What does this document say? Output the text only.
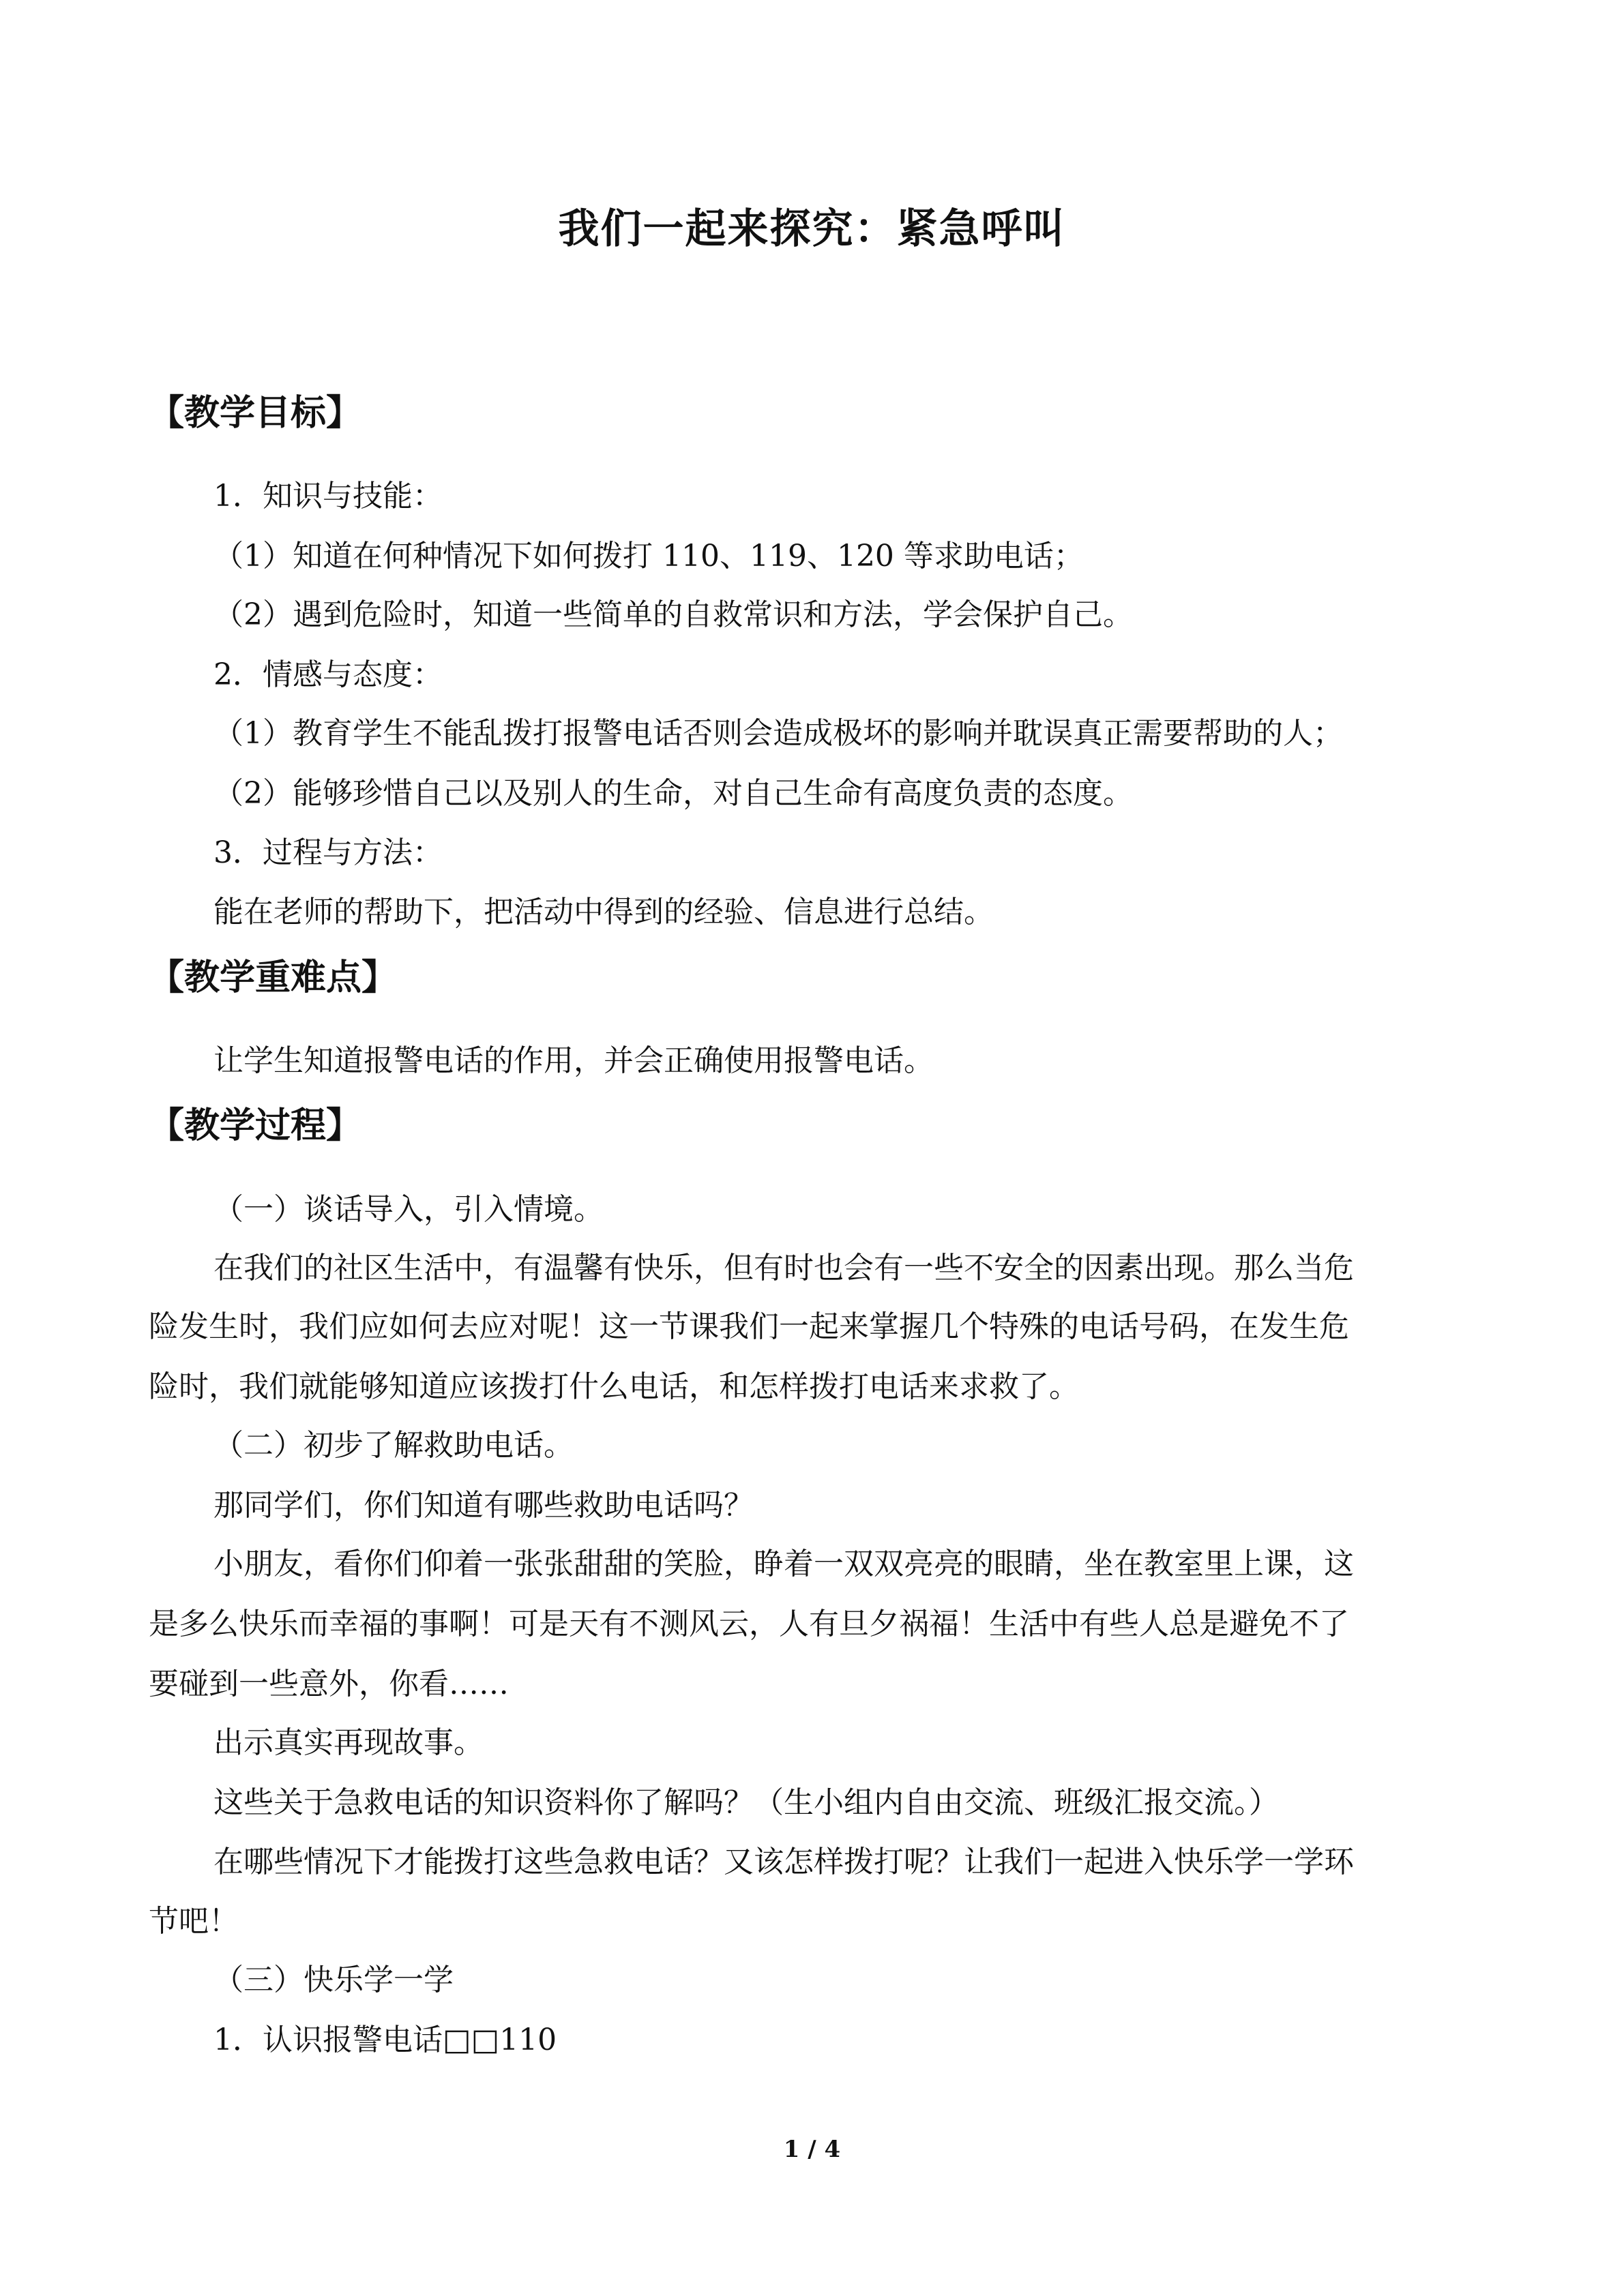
我们一起来探究：紧急呼叫
【教学目标】
1．知识与技能：
（1）知道在何种情况下如何拨打 110、119、120 等求助电话；
（2）遇到危险时，知道一些简单的自救常识和方法，学会保护自己。
2．情感与态度：
（1）教育学生不能乱拨打报警电话否则会造成极坏的影响并耽误真正需要帮助的人；
（2）能够珍惜自己以及别人的生命，对自己生命有高度负责的态度。
3．过程与方法：
能在老师的帮助下，把活动中得到的经验、信息进行总结。
【教学重难点】
让学生知道报警电话的作用，并会正确使用报警电话。
【教学过程】
（一）谈话导入，引入情境。
在我们的社区生活中，有温馨有快乐，但有时也会有一些不安全的因素出现。那么当危
险发生时，我们应如何去应对呢！这一节课我们一起来掌握几个特殊的电话号码，在发生危
险时，我们就能够知道应该拨打什么电话，和怎样拨打电话来求救了。
（二）初步了解救助电话。
那同学们，你们知道有哪些救助电话吗？
小朋友，看你们仰着一张张甜甜的笑脸，睁着一双双亮亮的眼睛，坐在教室里上课，这
是多么快乐而幸福的事啊！可是天有不测风云，人有旦夕祸福！生活中有些人总是避免不了
要碰到一些意外，你看……
出示真实再现故事。
这些关于急救电话的知识资料你了解吗？（生小组内自由交流、班级汇报交流。）
在哪些情况下才能拨打这些急救电话？又该怎样拨打呢？让我们一起进入快乐学一学环
节吧！
（三）快乐学一学
1．认识报警电话□□110
1 / 4
